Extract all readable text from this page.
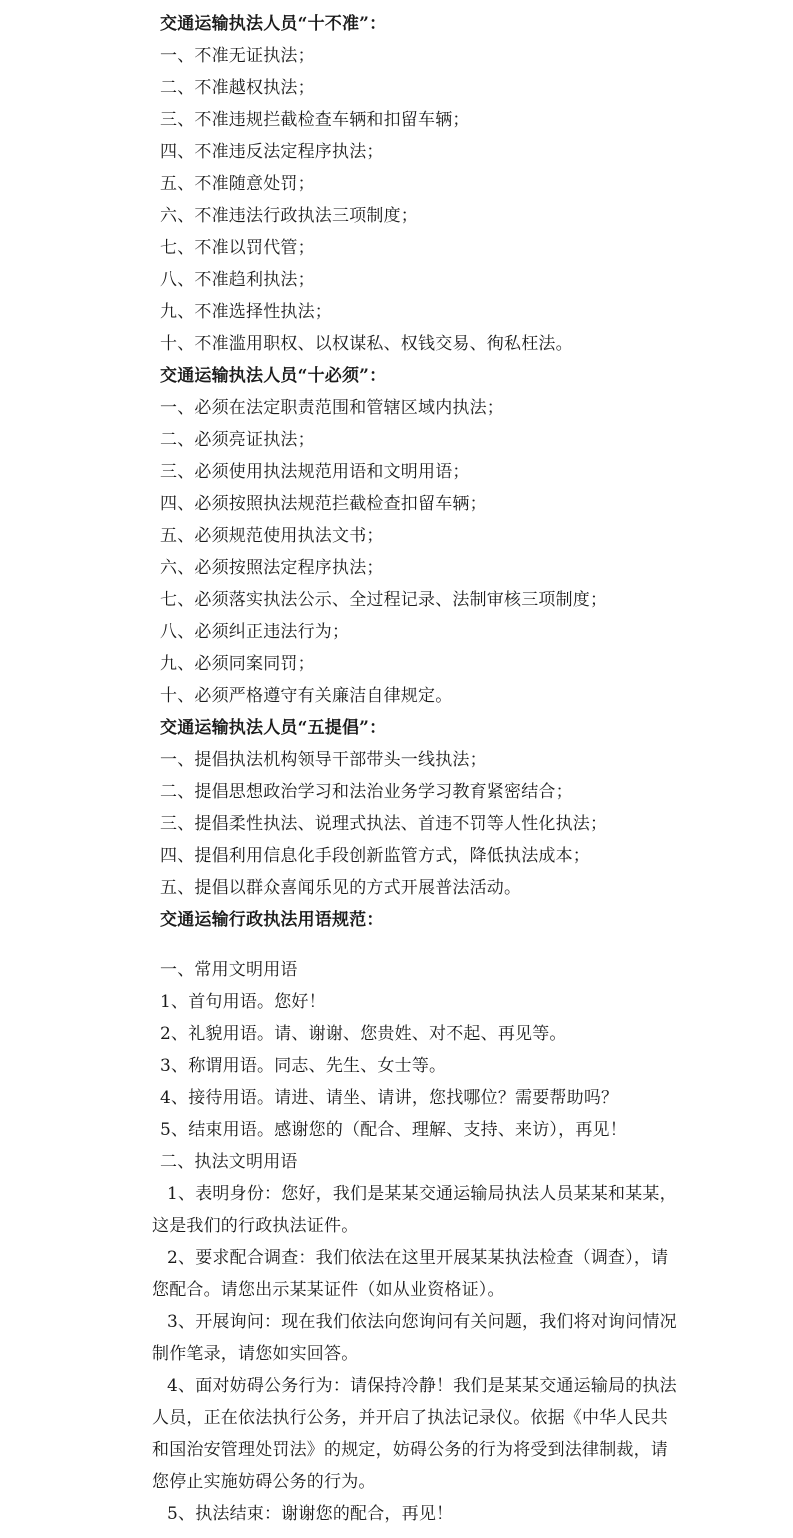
交通运输执法人员“十不准”：
一、不准无证执法；
二、不准越权执法；
三、不准违规拦截检查车辆和扣留车辆；
四、不准违反法定程序执法；
五、不准随意处罚；
六、不准违法行政执法三项制度；
七、不准以罚代管；
八、不准趋利执法；
九、不准选择性执法；
十、不准滥用职权、以权谋私、权钱交易、徇私枉法。
交通运输执法人员“十必须”：
一、必须在法定职责范围和管辖区域内执法；
二、必须亮证执法；
三、必须使用执法规范用语和文明用语；
四、必须按照执法规范拦截检查扣留车辆；
五、必须规范使用执法文书；
六、必须按照法定程序执法；
七、必须落实执法公示、全过程记录、法制审核三项制度；
八、必须纠正违法行为；
九、必须同案同罚；
十、必须严格遵守有关廉洁自律规定。
交通运输执法人员“五提倡”：
一、提倡执法机构领导干部带头一线执法；
二、提倡思想政治学习和法治业务学习教育紧密结合；
三、提倡柔性执法、说理式执法、首违不罚等人性化执法；
四、提倡利用信息化手段创新监管方式，降低执法成本；
五、提倡以群众喜闻乐见的方式开展普法活动。
交通运输行政执法用语规范：
一、常用文明用语
1、首句用语。您好！
2、礼貌用语。请、谢谢、您贵姓、对不起、再见等。
3、称谓用语。同志、先生、女士等。
4、接待用语。请进、请坐、请讲，您找哪位？需要帮助吗？
5、结束用语。感谢您的（配合、理解、支持、来访），再见！
二、执法文明用语
1、表明身份：您好，我们是某某交通运输局执法人员某某和某某，这是我们的行政执法证件。
2、要求配合调查：我们依法在这里开展某某执法检查（调查），请您配合。请您出示某某证件（如从业资格证）。
3、开展询问：现在我们依法向您询问有关问题，我们将对询问情况制作笔录，请您如实回答。
4、面对妨碍公务行为：请保持冷静！我们是某某交通运输局的执法人员，正在依法执行公务，并开启了执法记录仪。依据《中华人民共和国治安管理处罚法》的规定，妨碍公务的行为将受到法律制裁，请您停止实施妨碍公务的行为。
5、执法结束：谢谢您的配合，再见！
